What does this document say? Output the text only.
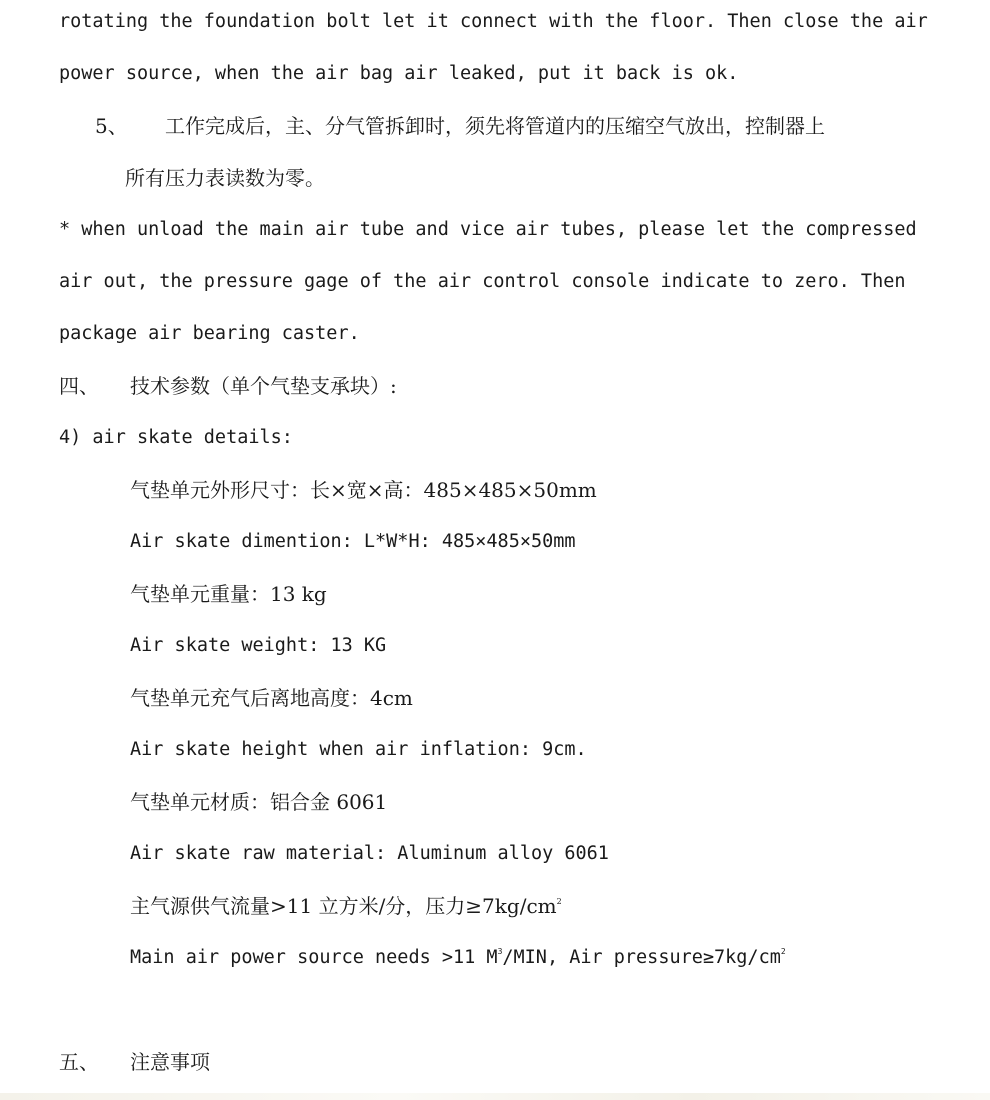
rotating the foundation bolt let it connect with the floor. Then close the air
power source, when the air bag air leaked, put it back is ok.
5、 工作完成后，主、分气管拆卸时，须先将管道内的压缩空气放出，控制器上
所有压力表读数为零。
* when unload the main air tube and vice air tubes, please let the compressed
air out, the pressure gage of the air control console indicate to zero. Then
package air bearing caster.
四、 技术参数（单个气垫支承块）:
4) air skate details:
气垫单元外形尺寸：长×宽×高：485×485×50mm
Air skate dimention: L*W*H: 485×485×50mm
气垫单元重量：13 kg
Air skate weight: 13 KG
气垫单元充气后离地高度：4cm
Air skate height when air inflation: 9cm.
气垫单元材质：铝合金 6061
Air skate raw material: Aluminum alloy 6061
主气源供气流量>11 立方米/分，压力$\ge 7kg/cm^2$
Main air power source needs >11 $M^3$/MIN, Air $pressure\ge 7kg/cm^2$
五、 注意事项
